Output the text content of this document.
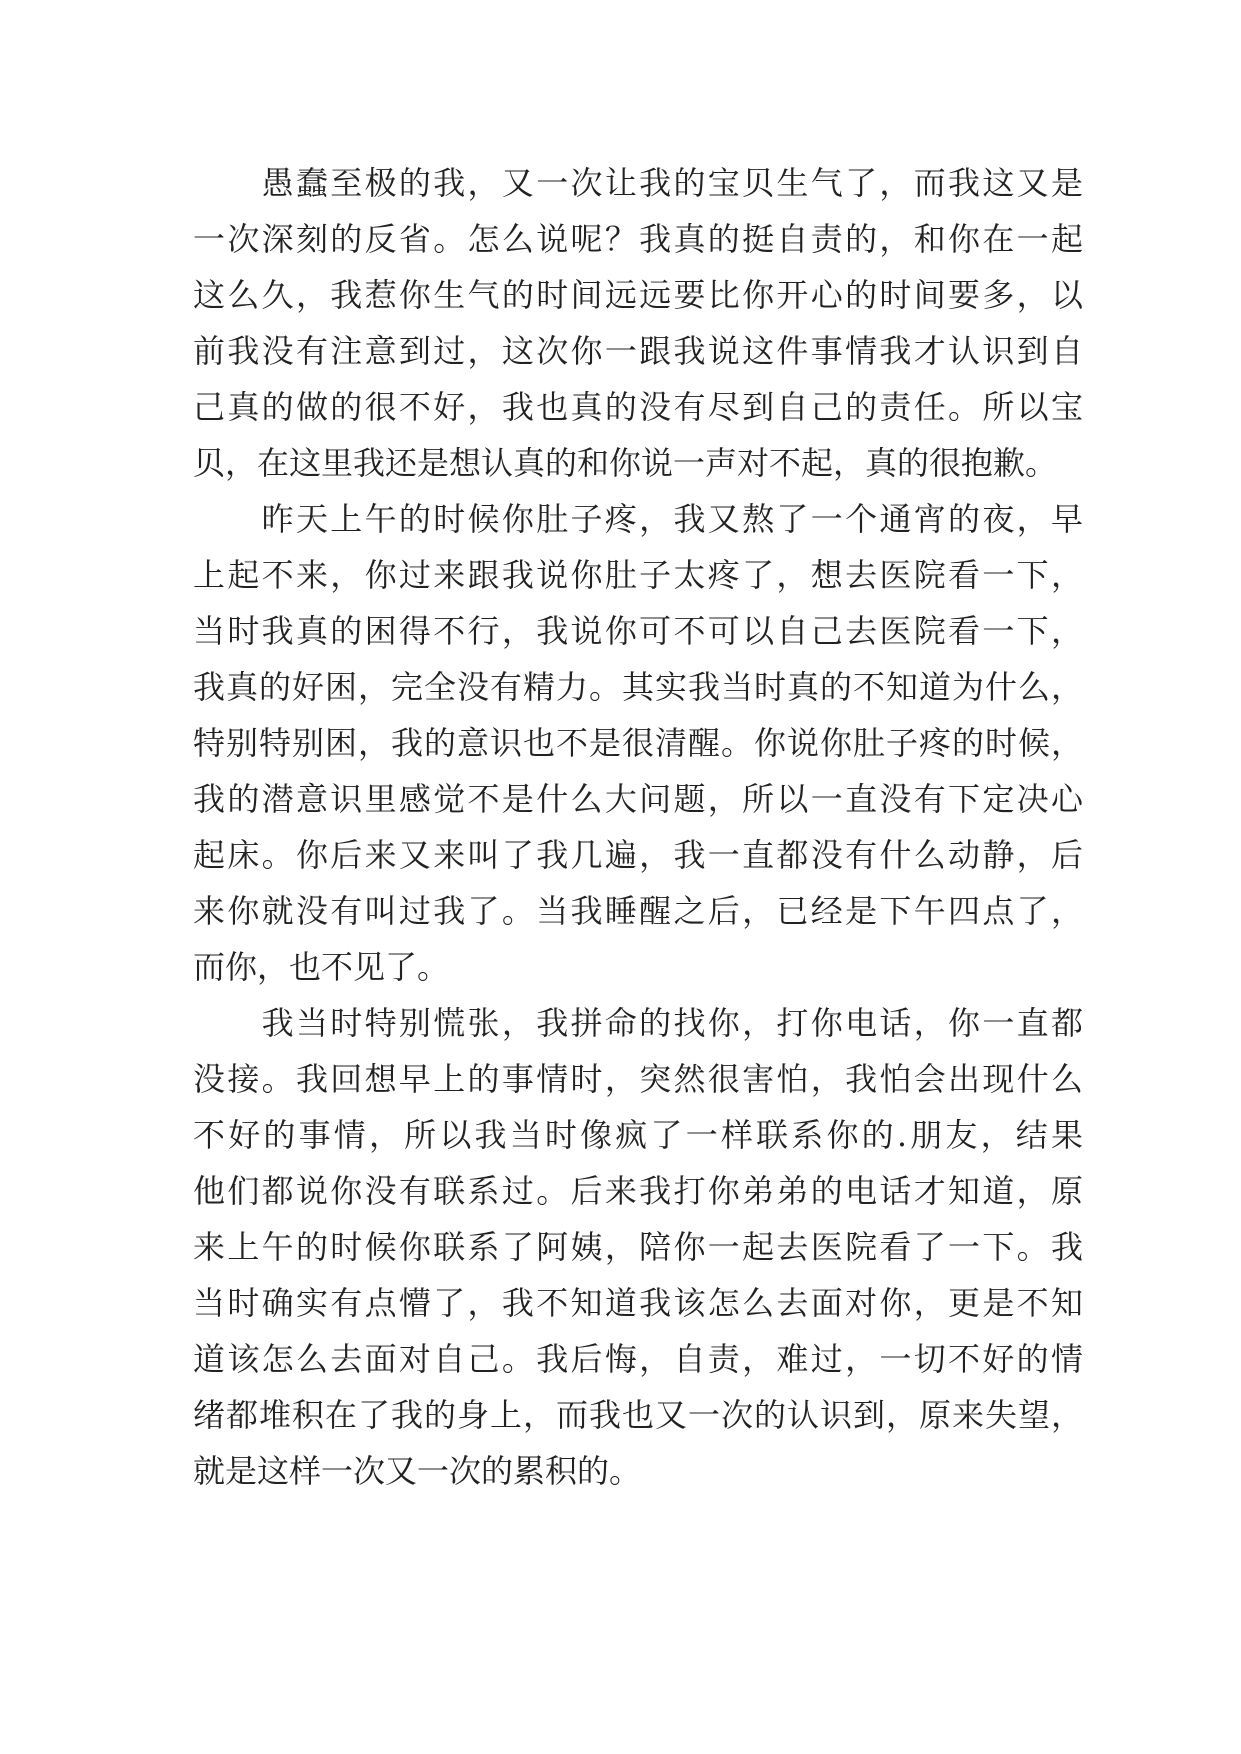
　　愚蠢至极的我，又一次让我的宝贝生气了，而我这又是
一次深刻的反省。怎么说呢？我真的挺自责的，和你在一起
这么久，我惹你生气的时间远远要比你开心的时间要多，以
前我没有注意到过，这次你一跟我说这件事情我才认识到自
己真的做的很不好，我也真的没有尽到自己的责任。所以宝
贝，在这里我还是想认真的和你说一声对不起，真的很抱歉。
　　昨天上午的时候你肚子疼，我又熬了一个通宵的夜，早
上起不来，你过来跟我说你肚子太疼了，想去医院看一下，
当时我真的困得不行，我说你可不可以自己去医院看一下，
我真的好困，完全没有精力。其实我当时真的不知道为什么，
特别特别困，我的意识也不是很清醒。你说你肚子疼的时候，
我的潜意识里感觉不是什么大问题，所以一直没有下定决心
起床。你后来又来叫了我几遍，我一直都没有什么动静，后
来你就没有叫过我了。当我睡醒之后，已经是下午四点了，
而你，也不见了。
　　我当时特别慌张，我拼命的找你，打你电话，你一直都
没接。我回想早上的事情时，突然很害怕，我怕会出现什么
不好的事情，所以我当时像疯了一样联系你的.朋友，结果
他们都说你没有联系过。后来我打你弟弟的电话才知道，原
来上午的时候你联系了阿姨，陪你一起去医院看了一下。我
当时确实有点懵了，我不知道我该怎么去面对你，更是不知
道该怎么去面对自己。我后悔，自责，难过，一切不好的情
绪都堆积在了我的身上，而我也又一次的认识到，原来失望，
就是这样一次又一次的累积的。
